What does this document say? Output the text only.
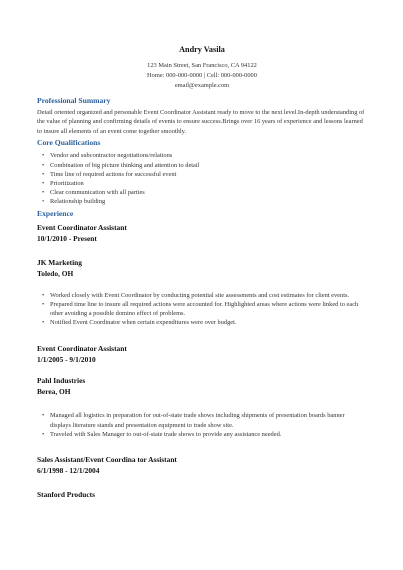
Andry Vasila
123 Main Street, San Francisco, CA 94122
Home: 000-000-0000 | Cell: 000-000-0000
email@example.com
Professional Summary
Detail oriented organized and personable Event Coordinator Assistant ready to move to the next level.In-depth understanding of the value of planning and confirming details of events to ensure success.Brings over 16 years of experience and lessons learned to insure all elements of an event come together smoothly.
Core Qualifications
• Vendor and subcontractor negotiations/relations
• Combination of big picture thinking and attention to detail
• Time line of required actions for successful event
• Prioritization
• Clear communication with all parties
• Relationship building
Experience
Event Coordinator Assistant
10/1/2010 - Present
JK Marketing
Toledo, OH
• Worked closely with Event Coordinator by conducting potential site assessments and cost estimates for client events.
• Prepared time line to insure all required actions were accounted for. Highlighted areas where actions were linked to each other avoiding a possible domino effect of problems.
• Notified Event Coordinator when certain expenditures were over budget.
Event Coordinator Assistant
1/1/2005 - 9/1/2010
Pahl Industries
Berea, OH
• Managed all logistics in preparation for out-of-state trade shows including shipments of presentation boards banner displays literature stands and presentation equipment to trade show site.
• Traveled with Sales Manager to out-of-state trade shows to provide any assistance needed.
Sales Assistant/Event Coordina tor Assistant
6/1/1998 - 12/1/2004
Stanford Products
